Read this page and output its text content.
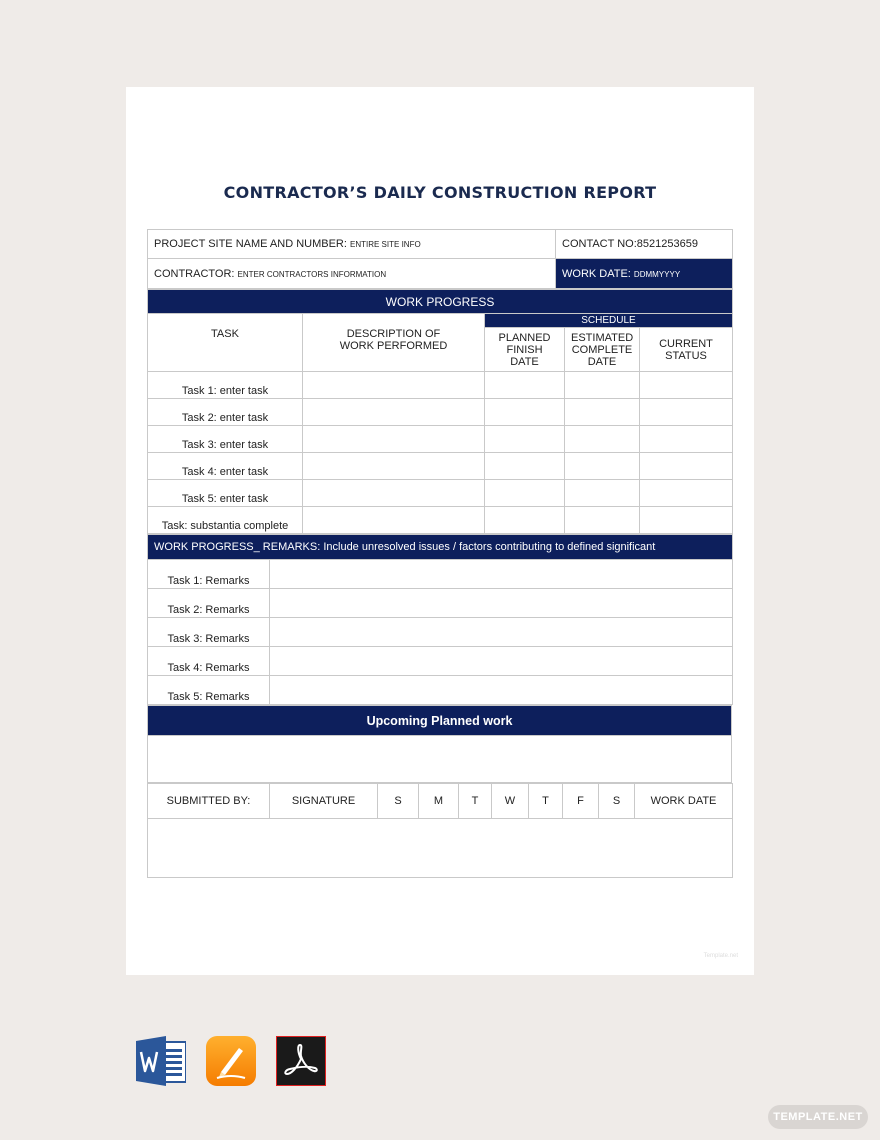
CONTRACTOR’S DAILY CONSTRUCTION REPORT
PROJECT SITE NAME AND NUMBER: ENTIRE SITE INFO	CONTACT NO:8521253659
CONTRACTOR: ENTER CONTRACTORS INFORMATION	WORK DATE: DDMMYYYY
WORK PROGRESS				
TASK	DESCRIPTION OF WORK PERFORMED	SCHEDULE		
		PLANNED FINISH DATE	ESTIMATED COMPLETE DATE	CURRENT STATUS
Task 1: enter task				
Task 2: enter task				
Task 3: enter task				
Task 4: enter task				
Task 5: enter task				
Task: substantia complete				
WORK PROGRESS_ REMARKS: Include unresolved issues / factors contributing to defined significant	
Task 1: Remarks	
Task 2: Remarks	
Task 3: Remarks	
Task 4: Remarks	
Task 5: Remarks	
Upcoming Planned work

SUBMITTED BY:	SIGNATURE	S	M	T	W	T	F	S	WORK DATE

Template.net
TEMPLATE.NET
